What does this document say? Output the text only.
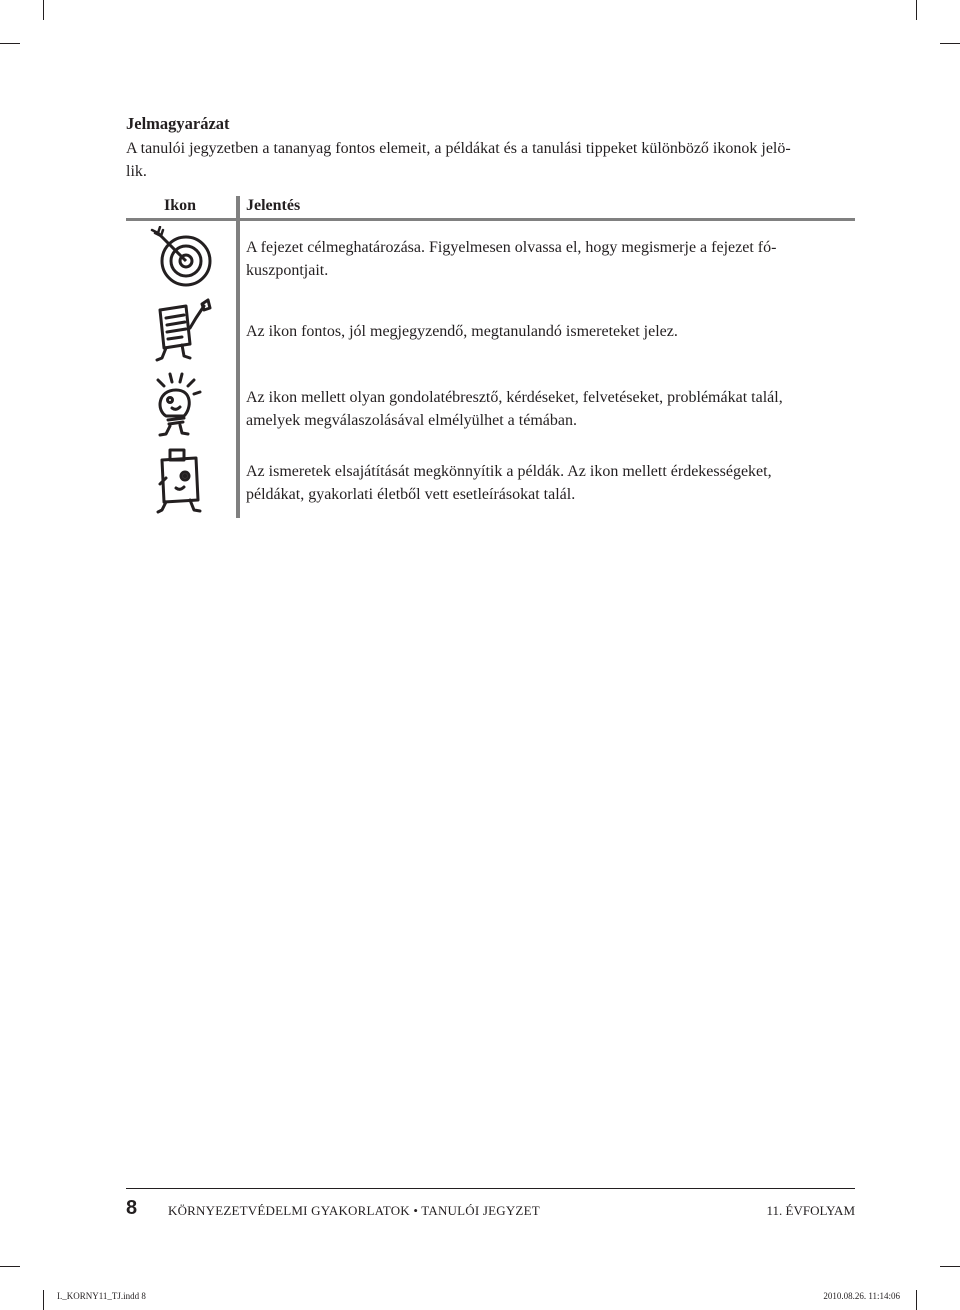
Jelmagyarázat
A tanulói jegyzetben a tananyag fontos elemeit, a példákat és a tanulási tippeket különböző ikonok jelö-
lik.
Ikon	Jelentés
A fejezet célmeghatározása. Figyelmesen olvassa el, hogy megismerje a fejezet fó-
kuszpontjait.
Az ikon fontos, jól megjegyzendő, megtanulandó ismereteket jelez.
Az ikon mellett olyan gondolatébresztő, kérdéseket, felvetéseket, problémákat talál,
amelyek megválaszolásával elmélyülhet a témában.
Az ismeretek elsajátítását megkönnyítik a példák. Az ikon mellett érdekességeket,
példákat, gyakorlati életből vett esetleírásokat talál.
8 KÖRNYEZETVÉDELMI GYAKORLATOK • TANULÓI JEGYZET	11. ÉVFOLYAM
I._KORNY11_TJ.indd 8	2010.08.26. 11:14:06
